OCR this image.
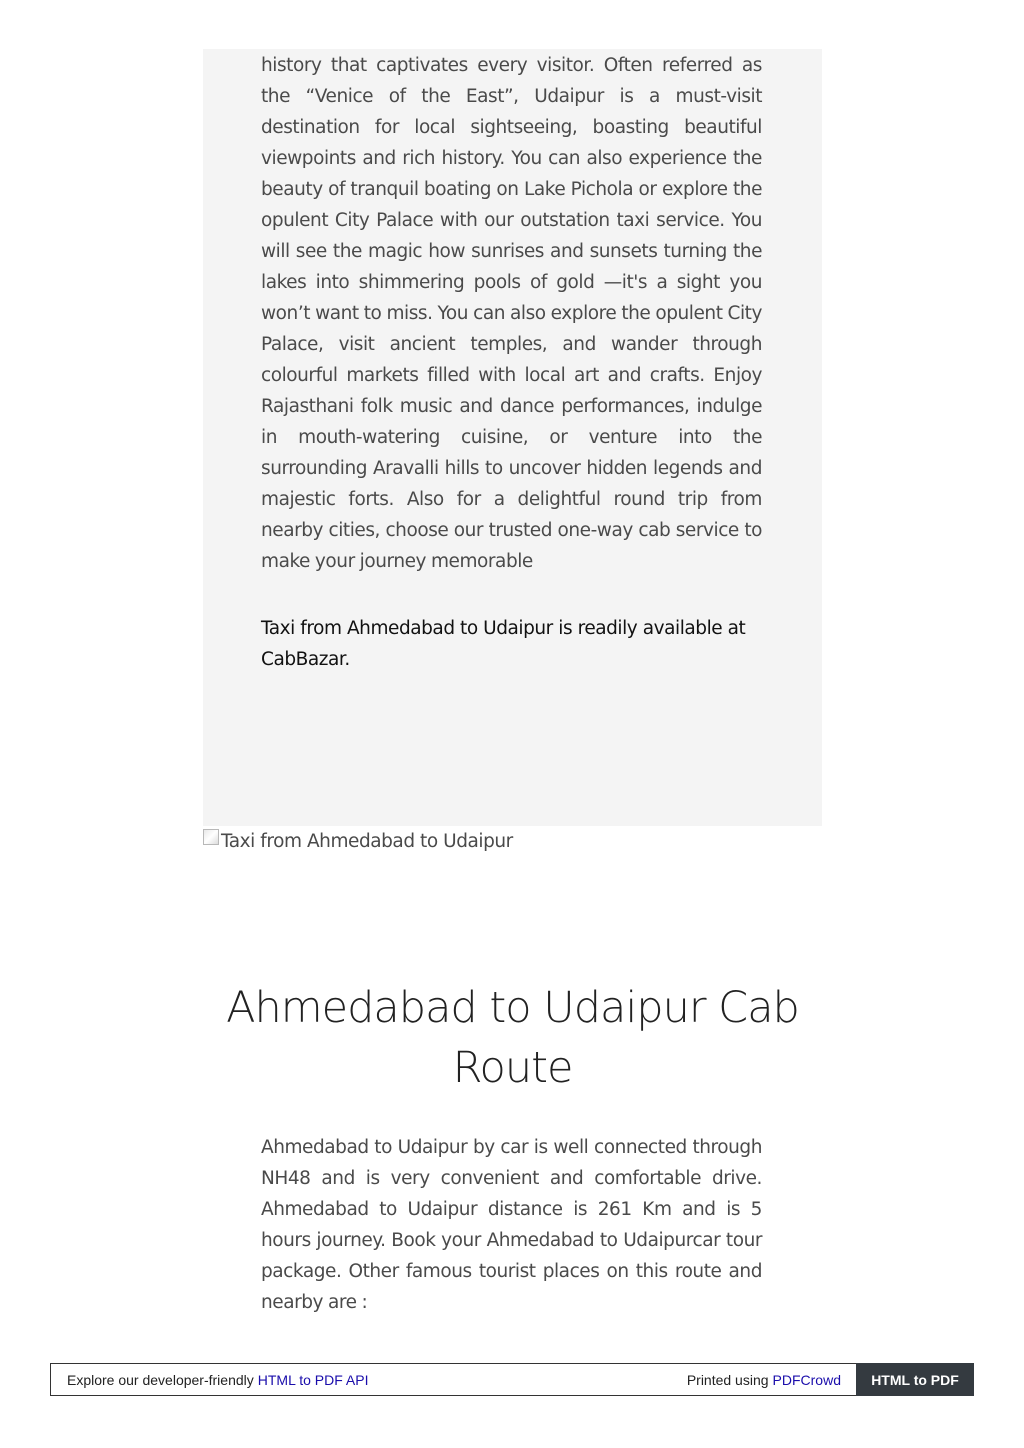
history that captivates every visitor. Often referred as the “Venice of the East”, Udaipur is a must-visit destination for local sightseeing, boasting beautiful viewpoints and rich history. You can also experience the beauty of tranquil boating on Lake Pichola or explore the opulent City Palace with our outstation taxi service. You will see the magic how sunrises and sunsets turning the lakes into shimmering pools of gold —it's a sight you won’t want to miss. You can also explore the opulent City Palace, visit ancient temples, and wander through colourful markets filled with local art and crafts. Enjoy Rajasthani folk music and dance performances, indulge in mouth-watering cuisine, or venture into the surrounding Aravalli hills to uncover hidden legends and majestic forts. Also for a delightful round trip from nearby cities, choose our trusted one-way cab service to make your journey memorable

Taxi from Ahmedabad to Udaipur is readily available at CabBazar.

Taxi from Ahmedabad to Udaipur
Ahmedabad to Udaipur Cab Route

Ahmedabad to Udaipur by car is well connected through NH48 and is very convenient and comfortable drive. Ahmedabad to Udaipur distance is 261 Km and is 5 hours journey. Book your Ahmedabad to Udaipurcar tour package. Other famous tourist places on this route and nearby are :

Explore our developer-friendly HTML to PDF API	Printed using PDFCrowd	HTML to PDF
